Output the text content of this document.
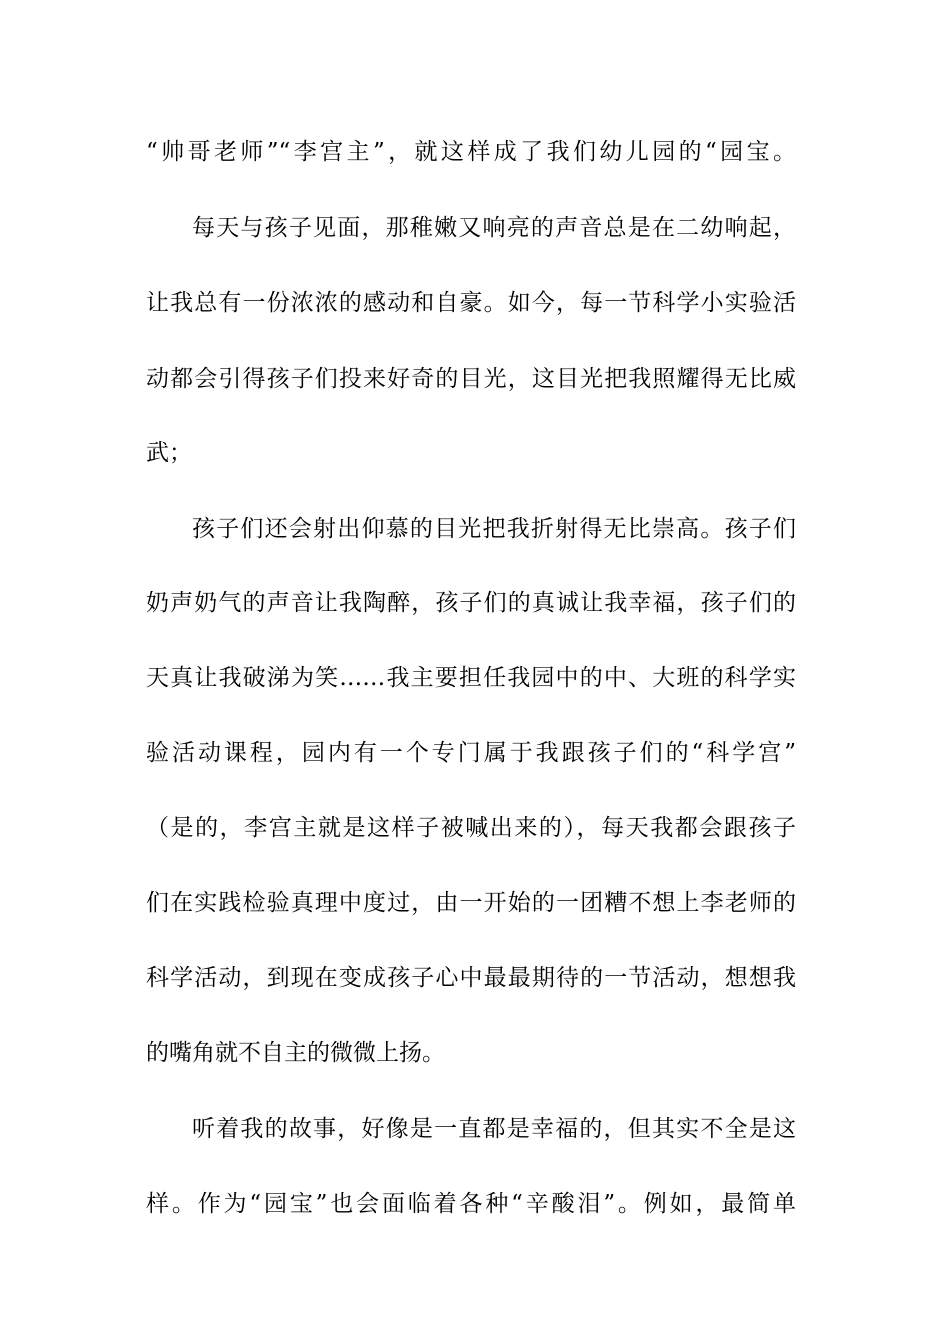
“帅哥老师”“李宫主”，就这样成了我们幼儿园的“园宝。
每天与孩子见面，那稚嫩又响亮的声音总是在二幼响起，
让我总有一份浓浓的感动和自豪。如今，每一节科学小实验活
动都会引得孩子们投来好奇的目光，这目光把我照耀得无比威
武；
孩子们还会射出仰慕的目光把我折射得无比崇高。孩子们
奶声奶气的声音让我陶醉，孩子们的真诚让我幸福，孩子们的
天真让我破涕为笑……我主要担任我园中的中、大班的科学实
验活动课程，园内有一个专门属于我跟孩子们的“科学宫”
（是的，李宫主就是这样子被喊出来的），每天我都会跟孩子
们在实践检验真理中度过，由一开始的一团糟不想上李老师的
科学活动，到现在变成孩子心中最最期待的一节活动，想想我
的嘴角就不自主的微微上扬。
听着我的故事，好像是一直都是幸福的，但其实不全是这
样。作为“园宝”也会面临着各种“辛酸泪”。例如，最简单
